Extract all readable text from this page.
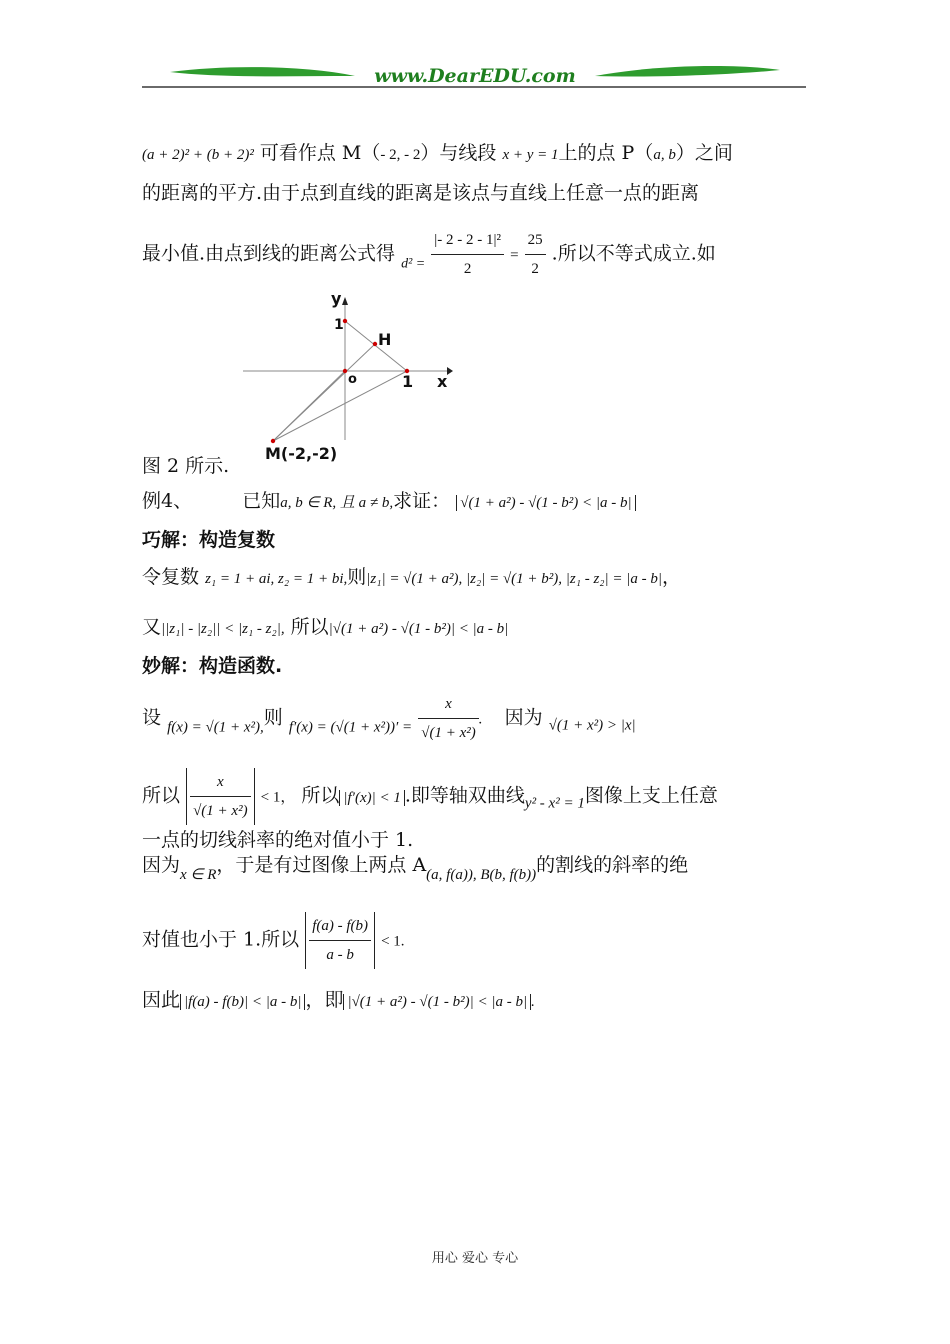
www.DearEDU.com
(a + 2)² + (b + 2)² 可看作点 M（- 2, - 2）与线段 x + y = 1上的点 P（a, b）之间
的距离的平方.由于点到直线的距离是该点与直线上任意一点的距离
最小值.由点到线的距离公式得 $_{d^2 =} \frac{\text{|- 2 - 2 - 1|²}}{2} = \frac{25}{2}$ .所以不等式成立.如
y
x
o
1
1
H
M(-2,-2)
图 2 所示.
例4、	已知a, b ∈ R, 且 a ≠ b,求证： √(1 + a²) - √(1 - b²) < |a - b|
巧解：构造复数
令复数 z₁ = 1 + ai, z₂ = 1 + bi,则|z₁| = √(1 + a²), |z₂| = √(1 + b²), |z₁ - z₂| = |a - b|，
又||z₁| - |z₂|| < |z₁ - z₂|, 所以|√(1 + a²) - √(1 - b²)| < |a - b|
妙解：构造函数.
设 $_{f(x) = √(1 + x^2),}$则 $_{f'(x) = (√(1 + x^2))' =} \frac{x}{\text{√(1 + x²)}}$ . 因为 $_{√(1 + x^2) > |x|}$
所以 $\frac{x}{\text{√(1 + x²)}} < 1$， 所以 |f′(x)| < 1 .即等轴双曲线$_{y^2 - x^2 = 1}$图像上支上任意
一点的切线斜率的绝对值小于 1.
因为$_{x \in R}$，于是有过图像上两点 $A_{(a, f(a)), B(b, f(b))}$的割线的斜率的绝
对值也小于 1.所以 $\frac{f(a) - f(b)}{a - b} < 1$.
因此 |f(a) - f(b)| < |a - b| ，即 |√(1 + a²) - √(1 - b²)| < |a - b| .
用心 爱心 专心
